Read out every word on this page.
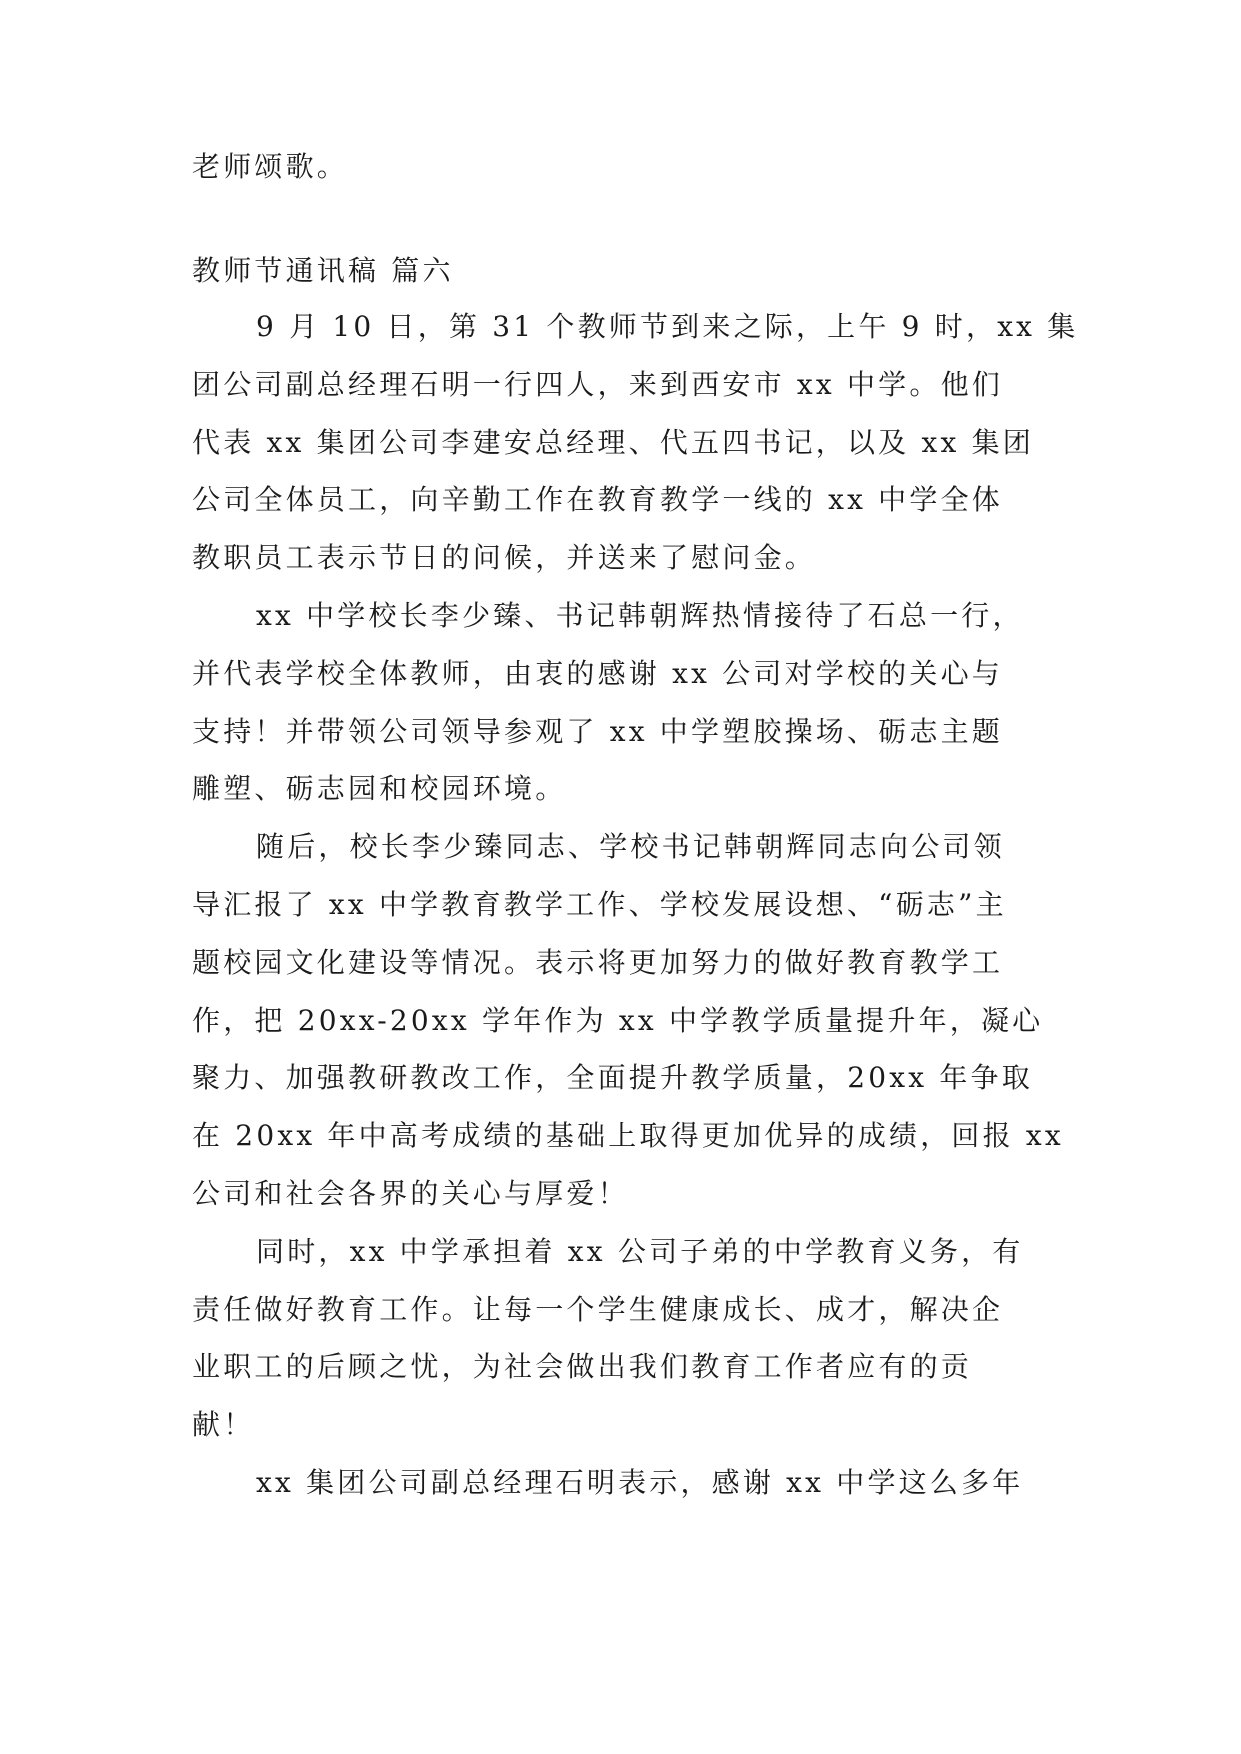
老师颂歌。
教师节通讯稿 篇六
9 月 10 日，第 31 个教师节到来之际，上午 9 时，xx 集
团公司副总经理石明一行四人，来到西安市 xx 中学。他们
代表 xx 集团公司李建安总经理、代五四书记，以及 xx 集团
公司全体员工，向辛勤工作在教育教学一线的 xx 中学全体
教职员工表示节日的问候，并送来了慰问金。
xx 中学校长李少臻、书记韩朝辉热情接待了石总一行，
并代表学校全体教师，由衷的感谢 xx 公司对学校的关心与
支持！并带领公司领导参观了 xx 中学塑胶操场、砺志主题
雕塑、砺志园和校园环境。
随后，校长李少臻同志、学校书记韩朝辉同志向公司领
导汇报了 xx 中学教育教学工作、学校发展设想、“砺志”主
题校园文化建设等情况。表示将更加努力的做好教育教学工
作，把 20xx-20xx 学年作为 xx 中学教学质量提升年，凝心
聚力、加强教研教改工作，全面提升教学质量，20xx 年争取
在 20xx 年中高考成绩的基础上取得更加优异的成绩，回报 xx
公司和社会各界的关心与厚爱！
同时，xx 中学承担着 xx 公司子弟的中学教育义务，有
责任做好教育工作。让每一个学生健康成长、成才，解决企
业职工的后顾之忧，为社会做出我们教育工作者应有的贡
献！
xx 集团公司副总经理石明表示，感谢 xx 中学这么多年
